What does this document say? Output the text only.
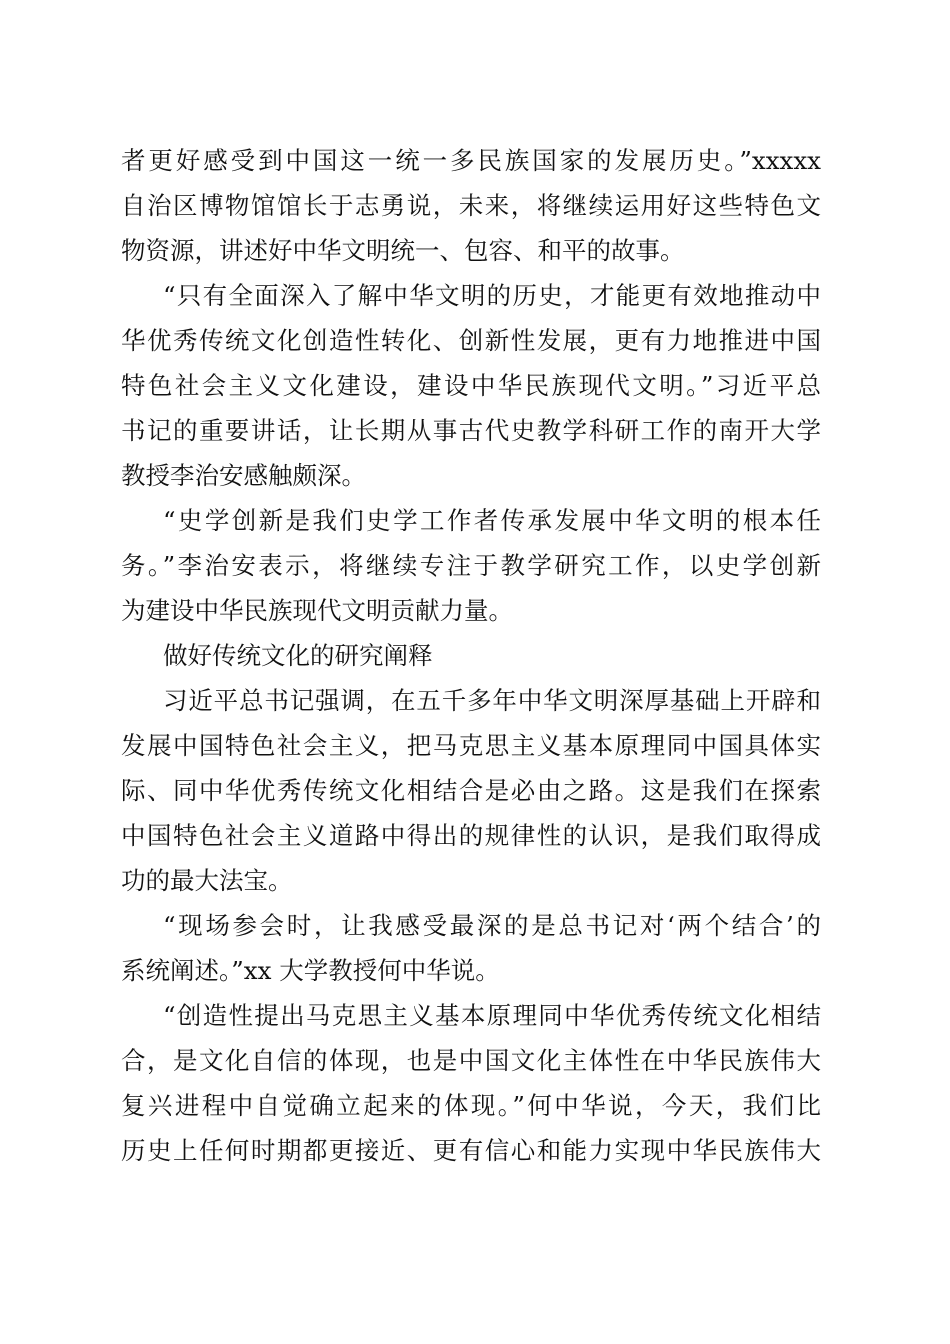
者更好感受到中国这一统一多民族国家的发展历史。”xxxxx
自治区博物馆馆长于志勇说，未来，将继续运用好这些特色文
物资源，讲述好中华文明统一、包容、和平的故事。
“只有全面深入了解中华文明的历史，才能更有效地推动中
华优秀传统文化创造性转化、创新性发展，更有力地推进中国
特色社会主义文化建设，建设中华民族现代文明。”习近平总
书记的重要讲话，让长期从事古代史教学科研工作的南开大学
教授李治安感触颇深。
“史学创新是我们史学工作者传承发展中华文明的根本任
务。”李治安表示，将继续专注于教学研究工作，以史学创新
为建设中华民族现代文明贡献力量。
做好传统文化的研究阐释
习近平总书记强调，在五千多年中华文明深厚基础上开辟和
发展中国特色社会主义，把马克思主义基本原理同中国具体实
际、同中华优秀传统文化相结合是必由之路。这是我们在探索
中国特色社会主义道路中得出的规律性的认识，是我们取得成
功的最大法宝。
“现场参会时，让我感受最深的是总书记对‘两个结合’的
系统阐述。”xx 大学教授何中华说。
“创造性提出马克思主义基本原理同中华优秀传统文化相结
合，是文化自信的体现，也是中国文化主体性在中华民族伟大
复兴进程中自觉确立起来的体现。”何中华说，今天，我们比
历史上任何时期都更接近、更有信心和能力实现中华民族伟大
